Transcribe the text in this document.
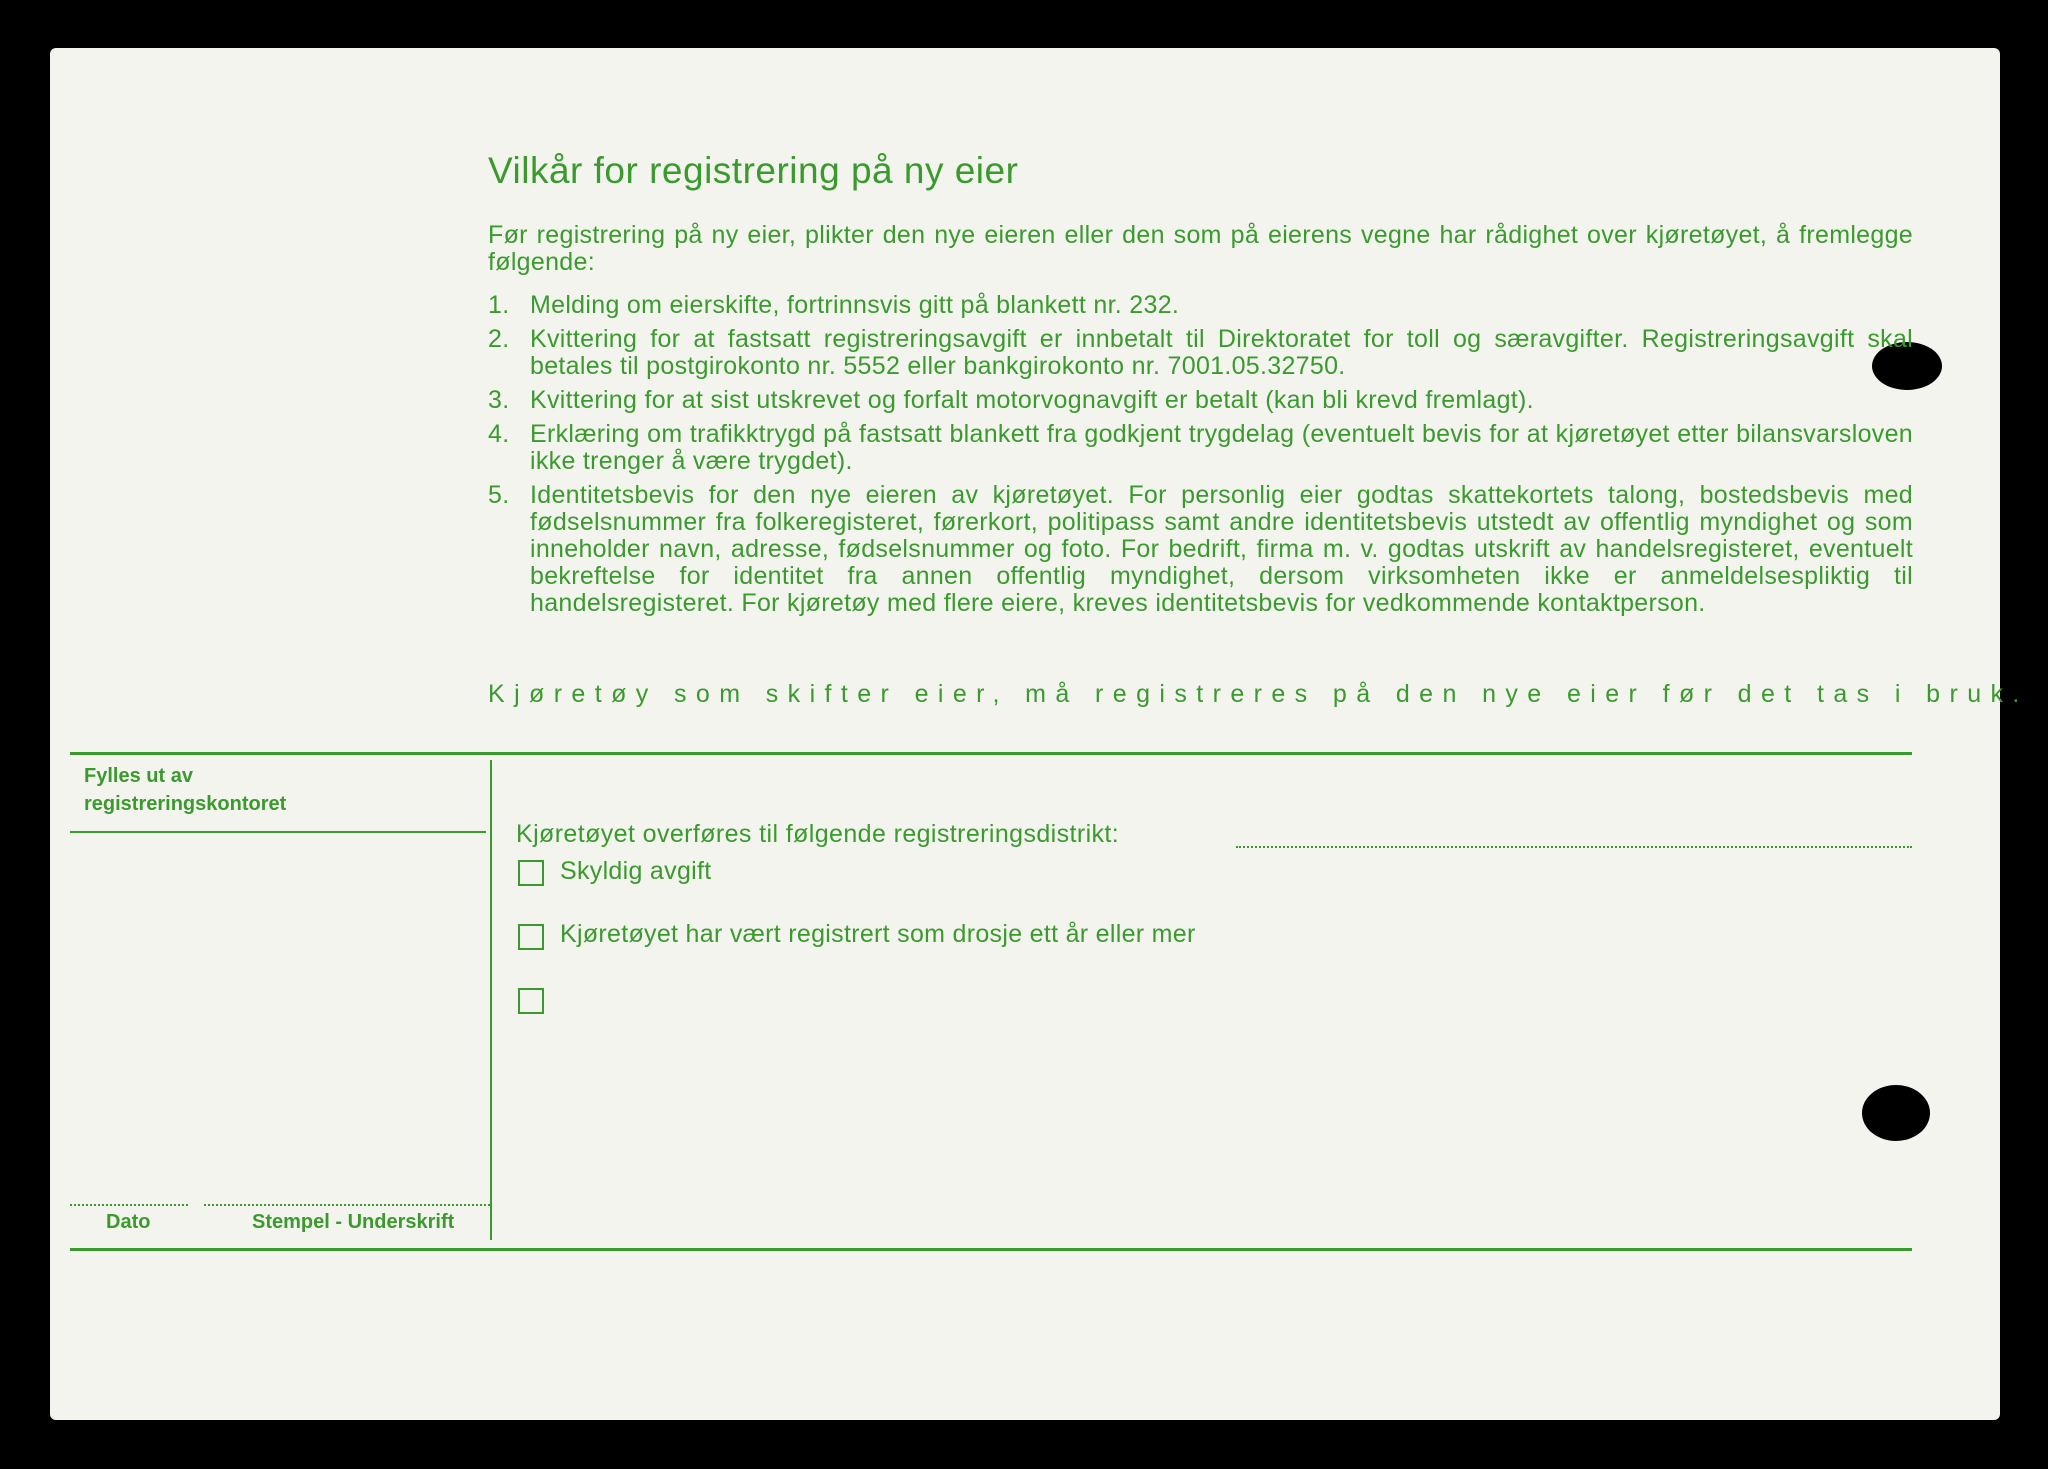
Vilkår for registrering på ny eier
Før registrering på ny eier, plikter den nye eieren eller den som på eierens vegne har rådighet over kjøretøyet, å fremlegge følgende:
1. Melding om eierskifte, fortrinnsvis gitt på blankett nr. 232.
2. Kvittering for at fastsatt registreringsavgift er innbetalt til Direktoratet for toll og særavgifter. Registreringsavgift skal betales til postgirokonto nr. 5552 eller bankgirokonto nr. 7001.05.32750.
3. Kvittering for at sist utskrevet og forfalt motorvognavgift er betalt (kan bli krevd fremlagt).
4. Erklæring om trafikktrygd på fastsatt blankett fra godkjent trygdelag (eventuelt bevis for at kjøretøyet etter bilansvarsloven ikke trenger å være trygdet).
5. Identitetsbevis for den nye eieren av kjøretøyet. For personlig eier godtas skattekortets talong, bostedsbevis med fødselsnummer fra folkeregisteret, førerkort, politipass samt andre identitetsbevis utstedt av offentlig myndighet og som inneholder navn, adresse, fødselsnummer og foto. For bedrift, firma m. v. godtas utskrift av handelsregisteret, eventuelt bekreftelse for identitet fra annen offentlig myndighet, dersom virksomheten ikke er anmeldelsespliktig til handelsregisteret. For kjøretøy med flere eiere, kreves identitetsbevis for vedkommende kontaktperson.
Kjøretøy som skifter eier, må registreres på den nye eier før det tas i bruk.
Fylles ut av
registreringskontoret
Kjøretøyet overføres til følgende registreringsdistrikt:
Skyldig avgift
Kjøretøyet har vært registrert som drosje ett år eller mer
Dato	Stempel - Underskrift
